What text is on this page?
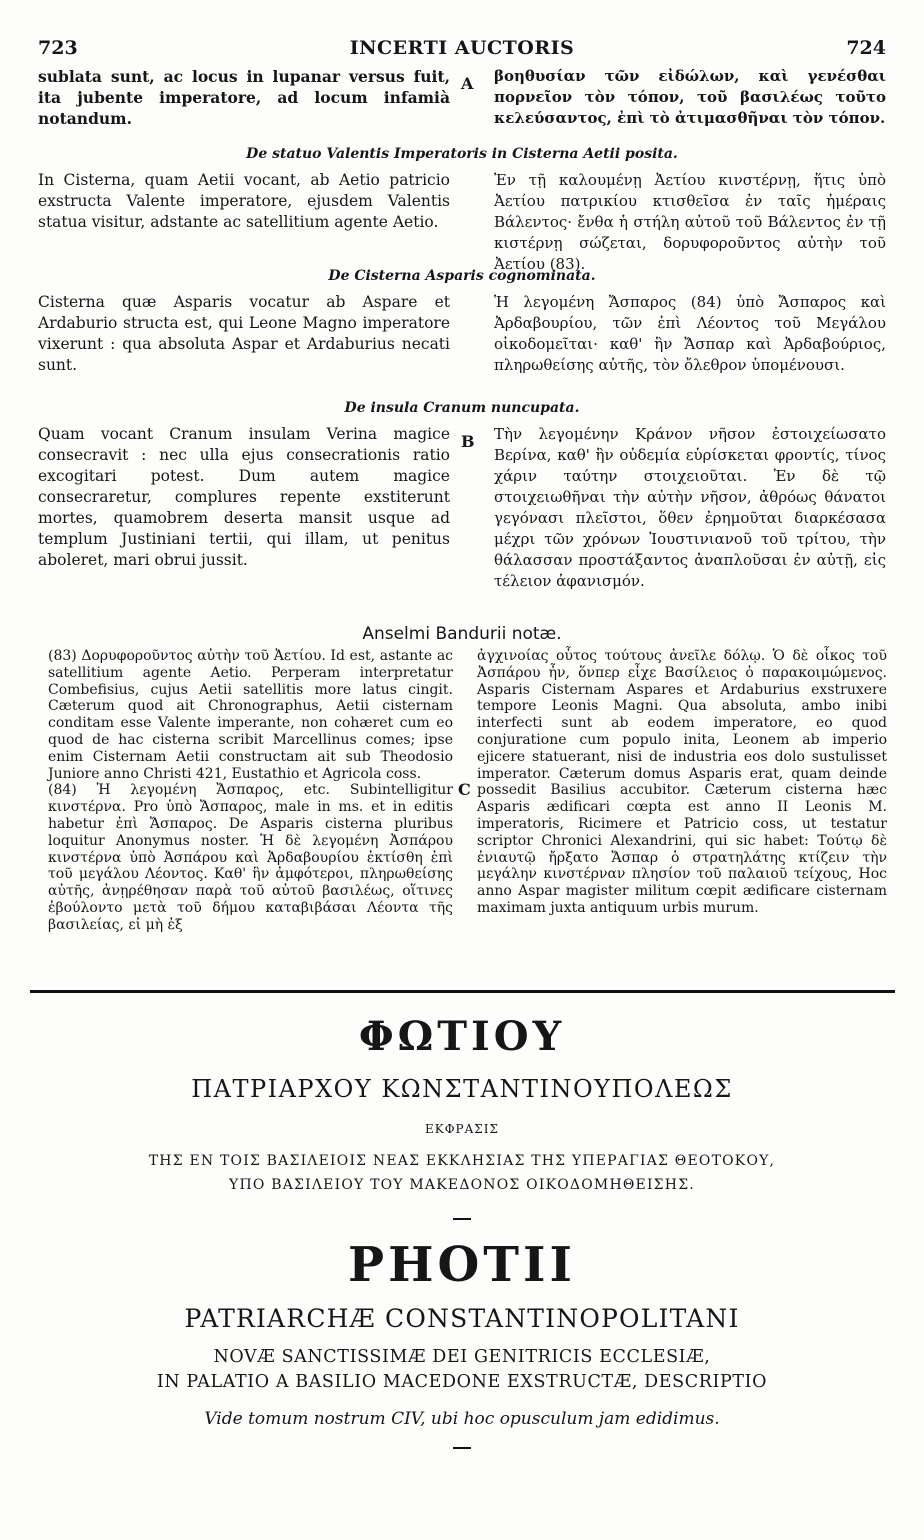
723	INCERTI AUCTORIS	724
sublata sunt, ac locus in lupanar versus fuit, ita jubente imperatore, ad locum infamià notandum.
A βοηθυσίαν τῶν εἰδώλων, καὶ γενέσθαι πορνεῖον τὸν τόπον, τοῦ βασιλέως τοῦτο κελεύσαντος, ἐπὶ τὸ ἀτιμασθῆναι τὸν τόπον.
De statuo Valentis Imperatoris in Cisterna Aetii posita.
In Cisterna, quam Aetii vocant, ab Aetio patricio exstructa Valente imperatore, ejusdem Valentis statua visitur, adstante ac satellitium agente Aetio.
Ἐν τῇ καλουμένῃ Ἀετίου κινστέρνῃ, ἥτις ὑπὸ Ἀετίου πατρικίου κτισθεῖσα ἐν ταῖς ἡμέραις Βάλεντος· ἔνθα ἡ στήλη αὐτοῦ τοῦ Βάλεντος ἐν τῇ κιστέρνῃ σώζεται, δορυφοροῦντος αὐτὴν τοῦ Ἀετίου (83).
De Cisterna Asparis cognominata.
Cisterna quæ Asparis vocatur ab Aspare et Ardaburio structa est, qui Leone Magno imperatore vixerunt : qua absoluta Aspar et Ardaburius necati sunt.
Ἡ λεγομένη Ἄσπαρος (84) ὑπὸ Ἄσπαρος καὶ Ἀρδαβουρίου, τῶν ἐπὶ Λέοντος τοῦ Μεγάλου οἰκοδομεῖται· καθ' ἣν Ἄσπαρ καὶ Ἀρδαβούριος, πληρωθείσης αὐτῆς, τὸν ὄλεθρον ὑπομένουσι.
De insula Cranum nuncupata.
Quam vocant Cranum insulam Verina magice consecravit : nec ulla ejus consecrationis ratio excogitari potest. Dum autem magice consecraretur, complures repente exstiterunt mortes, quamobrem deserta mansit usque ad templum Justiniani tertii, qui illam, ut penitus aboleret, mari obrui jussit.
B Τὴν λεγομένην Κράνον νῆσον ἐστοιχείωσατο Βερίνα, καθ' ἣν οὐδεμία εὑρίσκεται φροντίς, τίνος χάριν ταύτην στοιχειοῦται. Ἐν δὲ τῷ στοιχειωθῆναι τὴν αὐτὴν νῆσον, ἀθρόως θάνατοι γεγόνασι πλεῖστοι, ὅθεν ἐρημοῦται διαρκέσασα μέχρι τῶν χρόνων Ἰουστινιανοῦ τοῦ τρίτου, τὴν θάλασσαν προστάξαντος ἀναπλοῦσαι ἐν αὐτῇ, εἰς τέλειον ἀφανισμόν.
Anselmi Bandurii notæ.
(83) Δορυφοροῦντος αὐτὴν τοῦ Ἀετίου. Id est, astante ac satellitium agente Aetio. Perperam interpretatur Combefisius, cujus Aetii satellitis more latus cingit. Cæterum quod ait Chronographus, Aetii cisternam conditam esse Valente imperante, non cohæret cum eo quod de hac cisterna scribit Marcellinus comes; ipse enim Cisternam Aetii constructam ait sub Theodosio Juniore anno Christi 421, Eustathio et Agricola coss.
(84) Ἡ λεγομένη Ἄσπαρος, etc. Subintelligitur κινστέρνα. Pro ὑπὸ Ἄσπαρος, male in ms. et in editis habetur ἐπὶ Ἄσπαρος. De Asparis cisterna pluribus loquitur Anonymus noster. Ἡ δὲ λεγομένη Ἀσπάρου κινστέρνα ὑπὸ Ἀσπάρου καὶ Ἀρδαβουρίου ἐκτίσθη ἐπὶ τοῦ μεγάλου Λέοντος. Καθ' ἣν ἀμφότεροι, πληρωθείσης αὐτῆς, ἀνῃρέθησαν παρὰ τοῦ αὐτοῦ βασιλέως, οἵτινες ἐβούλοντο μετὰ τοῦ δήμου καταβιβάσαι Λέοντα τῆς βασιλείας, εἰ μὴ ἐξ
C
ἀγχινοίας οὗτος τούτους ἀνεῖλε δόλῳ. Ὁ δὲ οἶκος τοῦ Ἀσπάρου ἦν, ὅνπερ εἶχε Βασίλειος ὁ παρακοιμώμενος. Asparis Cisternam Aspares et Ardaburius exstruxere tempore Leonis Magni. Qua absoluta, ambo inibi interfecti sunt ab eodem imperatore, eo quod conjuratione cum populo inita, Leonem ab imperio ejicere statuerant, nisi de industria eos dolo sustulisset imperator. Cæterum domus Asparis erat, quam deinde possedit Basilius accubitor. Cæterum cisterna hæc Asparis ædificari cœpta est anno II Leonis M. imperatoris, Ricimere et Patricio coss, ut testatur scriptor Chronici Alexandrini, qui sic habet: Τούτῳ δὲ ἐνιαυτῷ ἤρξατο Ἄσπαρ ὁ στρατηλάτης κτίζειν τὴν μεγάλην κινστέρναν πλησίον τοῦ παλαιοῦ τείχους, Hoc anno Aspar magister militum cœpit ædificare cisternam maximam juxta antiquum urbis murum.
ΦΩΤΙΟΥ
ΠΑΤΡΙΑΡΧΟΥ ΚΩΝΣΤΑΝΤΙΝΟΥΠΟΛΕΩΣ
ΕΚΦΡΑΣΙΣ
ΤΗΣ ΕΝ ΤΟΙΣ ΒΑΣΙΛΕΙΟΙΣ ΝΕΑΣ ΕΚΚΛΗΣΙΑΣ ΤΗΣ ΥΠΕΡΑΓΙΑΣ ΘΕΟΤΟΚΟΥ,
ΥΠΟ ΒΑΣΙΛΕΙΟΥ ΤΟΥ ΜΑΚΕΔΟΝΟΣ ΟΙΚΟΔΟΜΗΘΕΙΣΗΣ.
PHOTII
PATRIARCHÆ CONSTANTINOPOLITANI
NOVÆ SANCTISSIMÆ DEI GENITRICIS ECCLESIÆ,
IN PALATIO A BASILIO MACEDONE EXSTRUCTÆ, DESCRIPTIO
Vide tomum nostrum CIV, ubi hoc opusculum jam edidimus.
